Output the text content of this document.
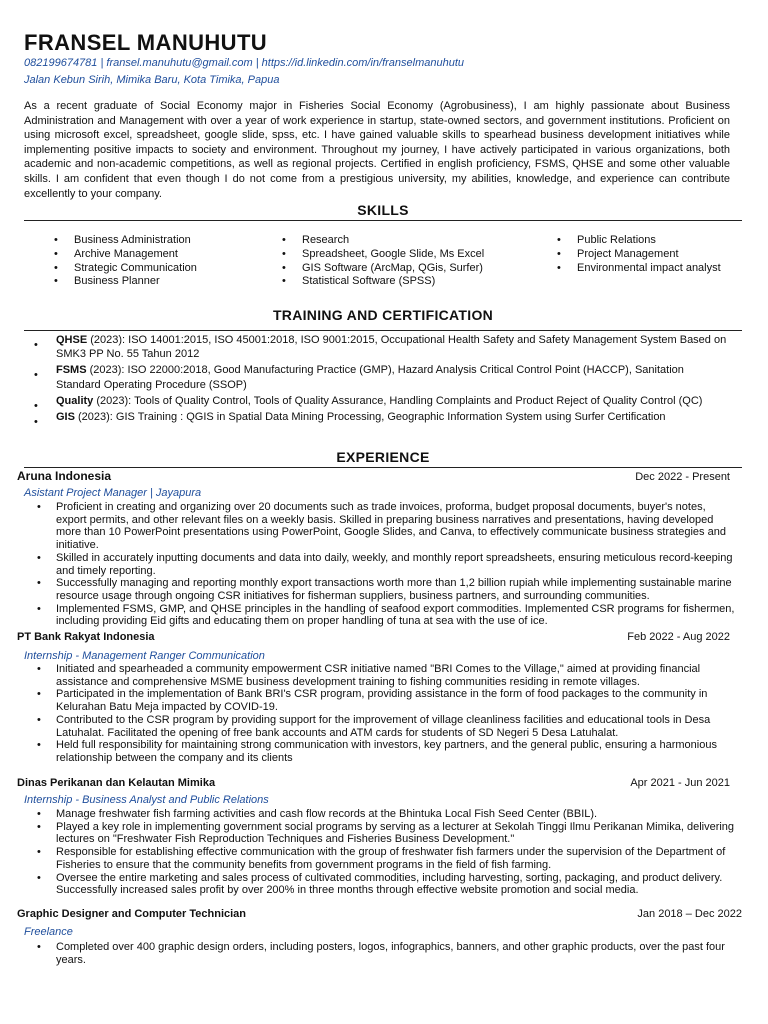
FRANSEL MANUHUTU
082199674781 | fransel.manuhutu@gmail.com | https://id.linkedin.com/in/franselmanuhutu
Jalan Kebun Sirih, Mimika Baru, Kota Timika, Papua
As a recent graduate of Social Economy major in Fisheries Social Economy (Agrobusiness), I am highly passionate about Business Administration and Management with over a year of work experience in startup, state-owned sectors, and government institutions. Proficient on using microsoft excel, spreadsheet, google slide, spss, etc. I have gained valuable skills to spearhead business development initiatives while implementing positive impacts to society and environment. Throughout my journey, I have actively participated in various organizations, both academic and non-academic competitions, as well as regional projects. Certified in english proficiency, FSMS, QHSE and some other valuable skills. I am confident that even though I do not come from a prestigious university, my abilities, knowledge, and experience can contribute excellently to your company.
SKILLS
• Business Administration
• Archive Management
• Strategic Communication
• Business Planner
• Research
• Spreadsheet, Google Slide, Ms Excel
• GIS Software (ArcMap, QGis, Surfer)
• Statistical Software (SPSS)
• Public Relations
• Project Management
• Environmental impact analyst
TRAINING AND CERTIFICATION
• QHSE (2023): ISO 14001:2015, ISO 45001:2018, ISO 9001:2015, Occupational Health Safety and Safety Management System Based on SMK3 PP No. 55 Tahun 2012
• FSMS (2023): ISO 22000:2018, Good Manufacturing Practice (GMP), Hazard Analysis Critical Control Point (HACCP), Sanitation Standard Operating Procedure (SSOP)
• Quality (2023): Tools of Quality Control, Tools of Quality Assurance, Handling Complaints and Product Reject of Quality Control (QC)
• GIS (2023): GIS Training : QGIS in Spatial Data Mining Processing, Geographic Information System using Surfer Certification
EXPERIENCE
Aruna Indonesia	Dec 2022 - Present
Asistant Project Manager | Jayapura
• Proficient in creating and organizing over 20 documents such as trade invoices, proforma, budget proposal documents, buyer's notes, export permits, and other relevant files on a weekly basis. Skilled in preparing business narratives and presentations, having developed more than 10 PowerPoint presentations using PowerPoint, Google Slides, and Canva, to effectively communicate business strategies and initiative.
• Skilled in accurately inputting documents and data into daily, weekly, and monthly report spreadsheets, ensuring meticulous record-keeping and timely reporting.
• Successfully managing and reporting monthly export transactions worth more than 1,2 billion rupiah while implementing sustainable marine resource usage through ongoing CSR initiatives for fisherman suppliers, business partners, and surrounding communities.
• Implemented FSMS, GMP, and QHSE principles in the handling of seafood export commodities. Implemented CSR programs for fishermen, including providing Eid gifts and educating them on proper handling of tuna at sea with the use of ice.
PT Bank Rakyat Indonesia	Feb 2022 - Aug 2022
Internship - Management Ranger Communication
• Initiated and spearheaded a community empowerment CSR initiative named "BRI Comes to the Village," aimed at providing financial assistance and comprehensive MSME business development training to fishing communities residing in remote villages.
• Participated in the implementation of Bank BRI's CSR program, providing assistance in the form of food packages to the community in Kelurahan Batu Meja impacted by COVID-19.
• Contributed to the CSR program by providing support for the improvement of village cleanliness facilities and educational tools in Desa Latuhalat. Facilitated the opening of free bank accounts and ATM cards for students of SD Negeri 5 Desa Latuhalat.
• Held full responsibility for maintaining strong communication with investors, key partners, and the general public, ensuring a harmonious relationship between the company and its clients
Dinas Perikanan dan Kelautan Mimika	Apr 2021 - Jun 2021
Internship - Business Analyst and Public Relations
• Manage freshwater fish farming activities and cash flow records at the Bhintuka Local Fish Seed Center (BBIL).
• Played a key role in implementing government social programs by serving as a lecturer at Sekolah Tinggi Ilmu Perikanan Mimika, delivering lectures on "Freshwater Fish Reproduction Techniques and Fisheries Business Development."
• Responsible for establishing effective communication with the group of freshwater fish farmers under the supervision of the Department of Fisheries to ensure that the community benefits from government programs in the field of fish farming.
• Oversee the entire marketing and sales process of cultivated commodities, including harvesting, sorting, packaging, and product delivery. Successfully increased sales profit by over 200% in three months through effective website promotion and social media.
Graphic Designer and Computer Technician	Jan 2018 – Dec 2022
Freelance
• Completed over 400 graphic design orders, including posters, logos, infographics, banners, and other graphic products, over the past four years.
